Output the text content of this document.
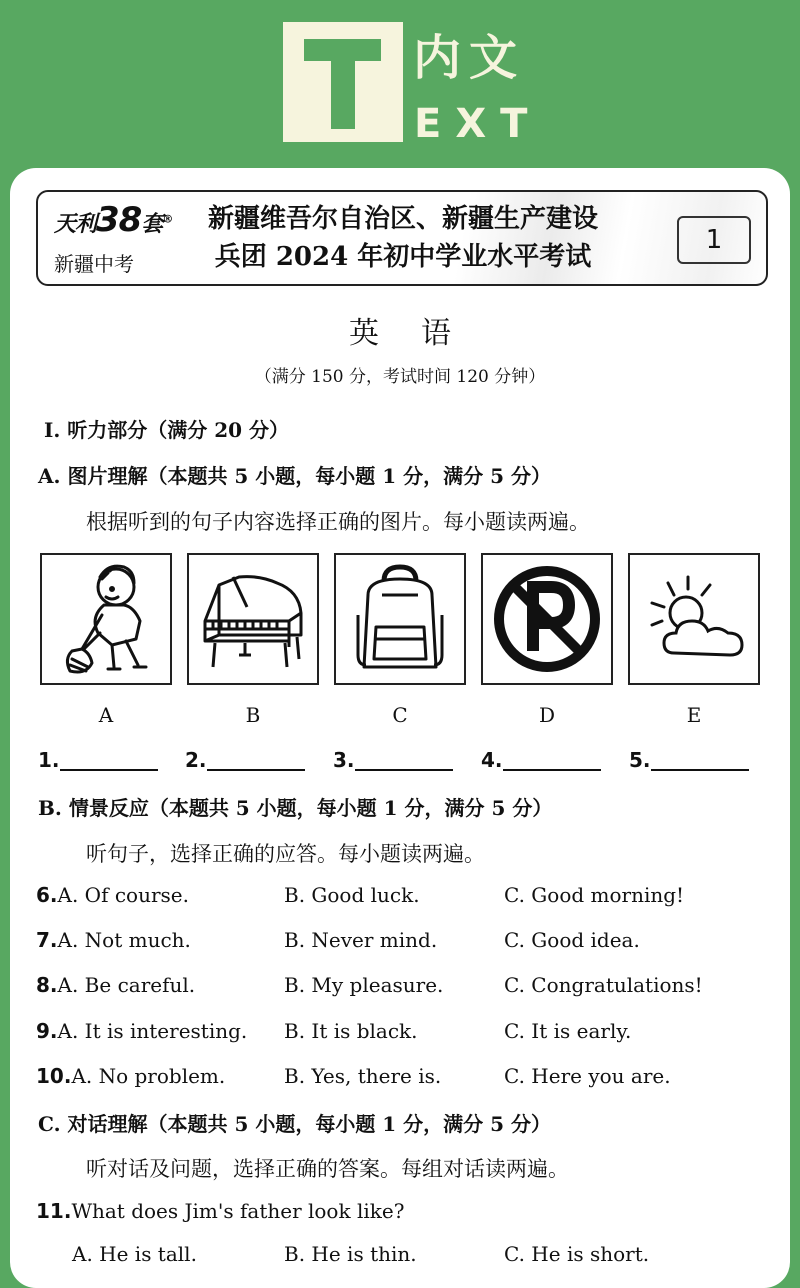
内文
EXT
天利38套®
新疆中考
新疆维吾尔自治区、新疆生产建设
兵团 2024 年初中学业水平考试
1
英语
（满分 150 分，考试时间 120 分钟）
I. 听力部分（满分 20 分）
A. 图片理解（本题共 5 小题，每小题 1 分，满分 5 分）
根据听到的句子内容选择正确的图片。每小题读两遍。
A	B	C	D	E
1.	2.	3.	4.	5.
B. 情景反应（本题共 5 小题，每小题 1 分，满分 5 分）
听句子，选择正确的应答。每小题读两遍。
6.A. Of course.	B. Good luck.	C. Good morning!
7.A. Not much.	B. Never mind.	C. Good idea.
8.A. Be careful.	B. My pleasure.	C. Congratulations!
9.A. It is interesting. B. It is black.	C. It is early.
10.A. No problem.	B. Yes, there is.	C. Here you are.
C. 对话理解（本题共 5 小题，每小题 1 分，满分 5 分）
听对话及问题，选择正确的答案。每组对话读两遍。
11.What does Jim's father look like?
A. He is tall.	B. He is thin.	C. He is short.
